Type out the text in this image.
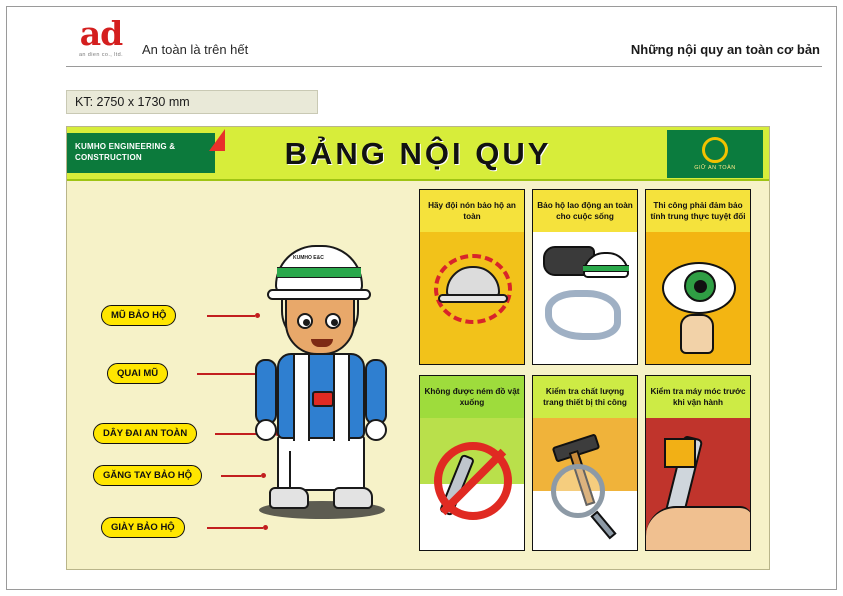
ad
an dien co., ltd.	An toàn là trên hết	Những nội quy an toàn cơ bản
KT: 2750 x 1730 mm
KUMHO ENGINEERING & CONSTRUCTION	BẢNG NỘI QUY	GIỮ AN TOÀN
MŨ BẢO HỘ
QUAI MŨ
DÂY ĐAI AN TOÀN
GĂNG TAY BẢO HỘ
GIÀY BẢO HỘ
KUMHO E&C
Hãy đội nón bảo hộ an toàn
Bảo hộ lao động an toàn cho cuộc sống
Thi công phải đảm bảo tính trung thực tuyệt đối
Không được ném đồ vật xuống
Kiểm tra chất lượng trang thiết bị thi công
Kiểm tra máy móc trước khi vận hành
